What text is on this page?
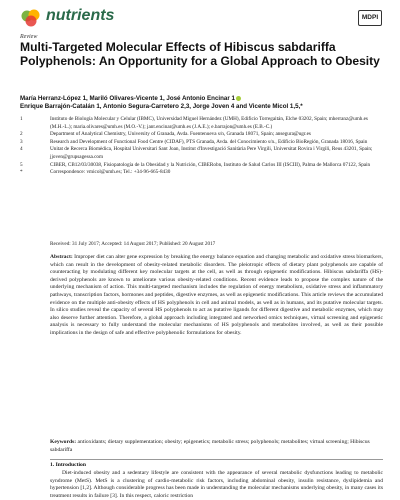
nutrients	MDPI
Review
Multi-Targeted Molecular Effects of Hibiscus sabdariffa Polyphenols: An Opportunity for a Global Approach to Obesity
María Herranz-López 1, Mariló Olivares-Vicente 1, José Antonio Encinar 1
Enrique Barrajón-Catalán 1, Antonio Segura-Carretero 2,3, Jorge Joven 4 and Vicente Micol 1,5,*
1	Instituto de Biología Molecular y Celular (IBMC), Universidad Miguel Hernández (UMH), Edificio Torregaitán, Elche 03202, Spain; mherranz@umh.es (M.H.-L.); maria.olivares@umh.es (M.O.-V.); jant.encinar@umh.es (J.A.E.); e.barrajon@umh.es (E.B.-C.)
2	Department of Analytical Chemistry, University of Granada, Avda. Fuentenueva s/n, Granada 18071, Spain; ansegura@ugr.es
3	Research and Development of Functional Food Centre (CIDAF), PTS Granada, Avda. del Conocimiento s/n., Edificio BioRegión, Granada 18016, Spain
4	Unitat de Recerca Biomèdica, Hospital Universitari Sant Joan, Institut d'Investigació Sanitària Pere Virgili, Universitat Rovira i Virgili, Reus 43201, Spain; jjoven@grupsagessa.com
5	CIBER, CB12/03/30038, Fisiopatología de la Obesidad y la Nutrición, CIBERobn, Instituto de Salud Carlos III (ISCIII), Palma de Mallorca 07122, Spain
*	Correspondence: vmicol@umh.es; Tel.: +34-96-665-8430
Received: 31 July 2017; Accepted: 14 August 2017; Published: 20 August 2017
Abstract: Improper diet can alter gene expression by breaking the energy balance equation and changing metabolic and oxidative stress biomarkers, which can result in the development of obesity-related metabolic disorders. The pleiotropic effects of dietary plant polyphenols are capable of counteracting by modulating different key molecular targets at the cell, as well as through epigenetic modifications. Hibiscus sabdariffa (HS)-derived polyphenols are known to ameliorate various obesity-related conditions. Recent evidence leads to propose the complex nature of the underlying mechanism of action. This multi-targeted mechanism includes the regulation of energy metabolism, oxidative stress and inflammatory pathways, transcription factors, hormones and peptides, digestive enzymes, as well as epigenetic modifications. This article reviews the accumulated evidence on the multiple anti-obesity effects of HS polyphenols in cell and animal models, as well as in humans, and its putative molecular targets. In silico studies reveal the capacity of several HS polyphenols to act as putative ligands for different digestive and metabolic enzymes, which may also deserve further attention. Therefore, a global approach including integrated and networked omics techniques, virtual screening and epigenetic analysis is necessary to fully understand the molecular mechanisms of HS polyphenols and metabolites involved, as well as their possible implications in the design of safe and effective polyphenolic formulations for obesity.
Keywords: antioxidants; dietary supplementation; obesity; epigenetics; metabolic stress; polyphenols; metabolites; virtual screening; Hibiscus sabdariffa
1. Introduction
Diet-induced obesity and a sedentary lifestyle are consistent with the appearance of several metabolic dysfunctions leading to metabolic syndrome (MetS). MetS is a clustering of cardio-metabolic risk factors, including abdominal obesity, insulin resistance, dyslipidemia and hypertension [1,2]. Although considerable progress has been made in understanding the molecular mechanisms underlying obesity, in many cases its treatment results in failure [3]. In this respect, caloric restriction
